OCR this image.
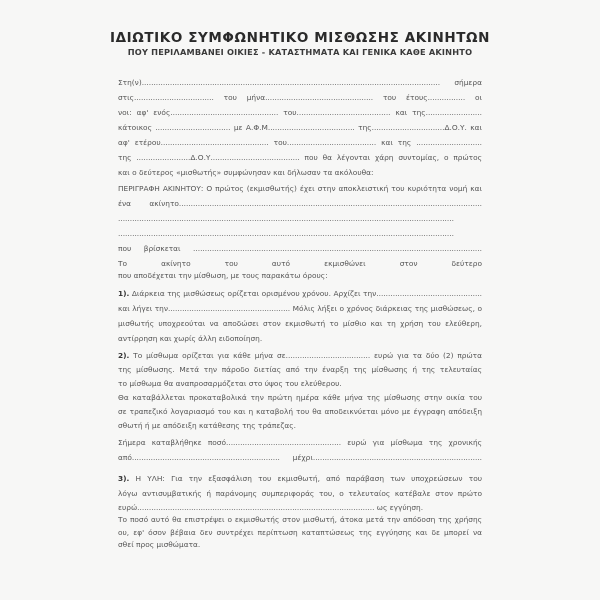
ΙΔΙΩΤΙΚΟ ΣΥΜΦΩΝΗΤΙΚΟ ΜΙΣΘΩΣΗΣ ΑΚΙΝΗΤΩΝ
ΠΟΥ ΠΕΡΙΛΑΜΒΑΝΕΙ ΟΙΚΙΕΣ - ΚΑΤΑΣΤΗΜΑΤΑ ΚΑΙ ΓΕΝΙΚΑ ΚΑΘΕ ΑΚΙΝΗΤΟ
Στη(ν)............................................................................................................................... σήμερα
στις.................................. του μήνα.............................................. του έτους................ οι
νοι: αφ' ενός.............................................. του........................................ και της........................
κάτοικος ................................ με Α.Φ.Μ..................................... της...............................Δ.Ο.Υ. και
αφ' ετέρου.............................................. του...................................... και της ............................
της .......................Δ.Ο.Υ...................................... που θα λέγονται χάρη συντομίας, ο πρώτος
και ο δεύτερος «μισθωτής» συμφώνησαν και δήλωσαν τα ακόλουθα:
ΠΕΡΙΓΡΑΦΗ ΑΚΙΝΗΤΟΥ: Ο πρώτος (εκμισθωτής) έχει στην αποκλειστική του κυριότητα νομή και
ένα ακίνητο.................................................................................................................................
...............................................................................................................................................
...............................................................................................................................................
που βρίσκεται ...........................................................................................................................
Το ακίνητο του αυτό εκμισθώνει στον δεύτερο
που αποδέχεται την μίσθωση, με τους παρακάτω όρους:
1). Διάρκεια της μισθώσεως ορίζεται ορισμένου χρόνου. Αρχίζει την.............................................
και λήγει την.................................................... Μόλις λήξει ο χρόνος διάρκειας της μισθώσεως, ο
μισθωτής υποχρεούται να αποδώσει στον εκμισθωτή το μίσθιο και τη χρήση του ελεύθερη,
αντίρρηση και χωρίς άλλη ειδοποίηση.
2). Το μίσθωμα ορίζεται για κάθε μήνα σε.................................... ευρώ για τα δύο (2) πρώτα
της μίσθωσης. Μετά την πάροδο διετίας από την έναρξη της μίσθωσης ή της τελευταίας
το μίσθωμα θα αναπροσαρμόζεται στο ύψος του ελεύθερου.
Θα καταβάλλεται προκαταβολικά την πρώτη ημέρα κάθε μήνα της μίσθωσης στην οικία του
σε τραπεζικό λογαριασμό του και η καταβολή του θα αποδεικνύεται μόνο με έγγραφη απόδειξη
σθωτή ή με απόδειξη κατάθεσης της τράπεζας.
Σήμερα καταβλήθηκε ποσό................................................. ευρώ για μίσθωμα της χρονικής
από............................................................... μέχρι........................................................................
3). Η ΥΛΗ: Για την εξασφάλιση του εκμισθωτή, από παράβαση των υποχρεώσεων του
λόγω αντισυμβατικής ή παράνομης συμπεριφοράς του, ο τελευταίος κατέβαλε στον πρώτο
ευρώ..................................................................................................... ως εγγύηση.
Το ποσό αυτό θα επιστρέψει ο εκμισθωτής στον μισθωτή, άτοκα μετά την απόδοση της χρήσης
ου, εφ' όσον βέβαια δεν συντρέχει περίπτωση καταπτώσεως της εγγύησης και δε μπορεί να
σθεί προς μισθώματα.
